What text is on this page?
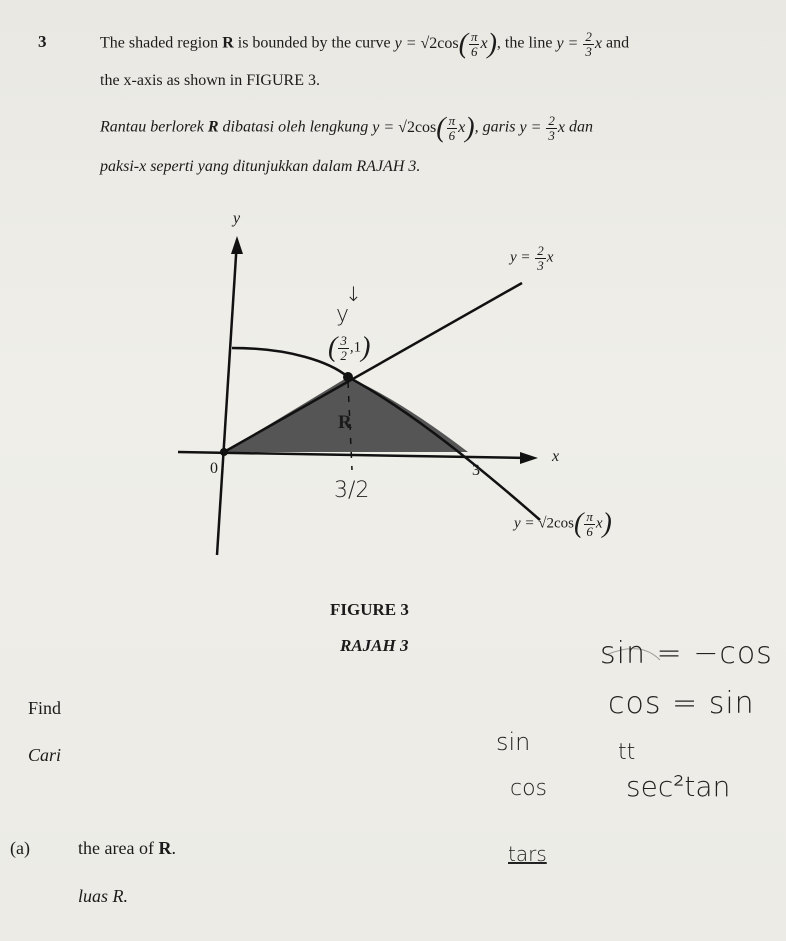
3	The shaded region R is bounded by the curve $y = √2\cos( \frac{\pi}{6} x)$, the line $y = \frac{2}{3}$ x and
the x-axis as shown in FIGURE 3.
Rantau berlorek R dibatasi oleh lengkung $y = √2\cos( \frac{\pi}{6} x)$, garis $y = \frac{2}{3}$ x dan
paksi-x seperti yang ditunjukkan dalam RAJAH 3.
y
x
0	3
R
$y = \frac{2}{3}$ x
( $\frac{3}{2} ,1$)
$y = √2\cos( \frac{\pi}{6} x)$
FIGURE 3
RAJAH 3
↓
y
3/2
sin = −cos
cos = sin
sin	tt
cos	sec²tan
tars
Find
Cari
(a)	the area of R.
luas R.
